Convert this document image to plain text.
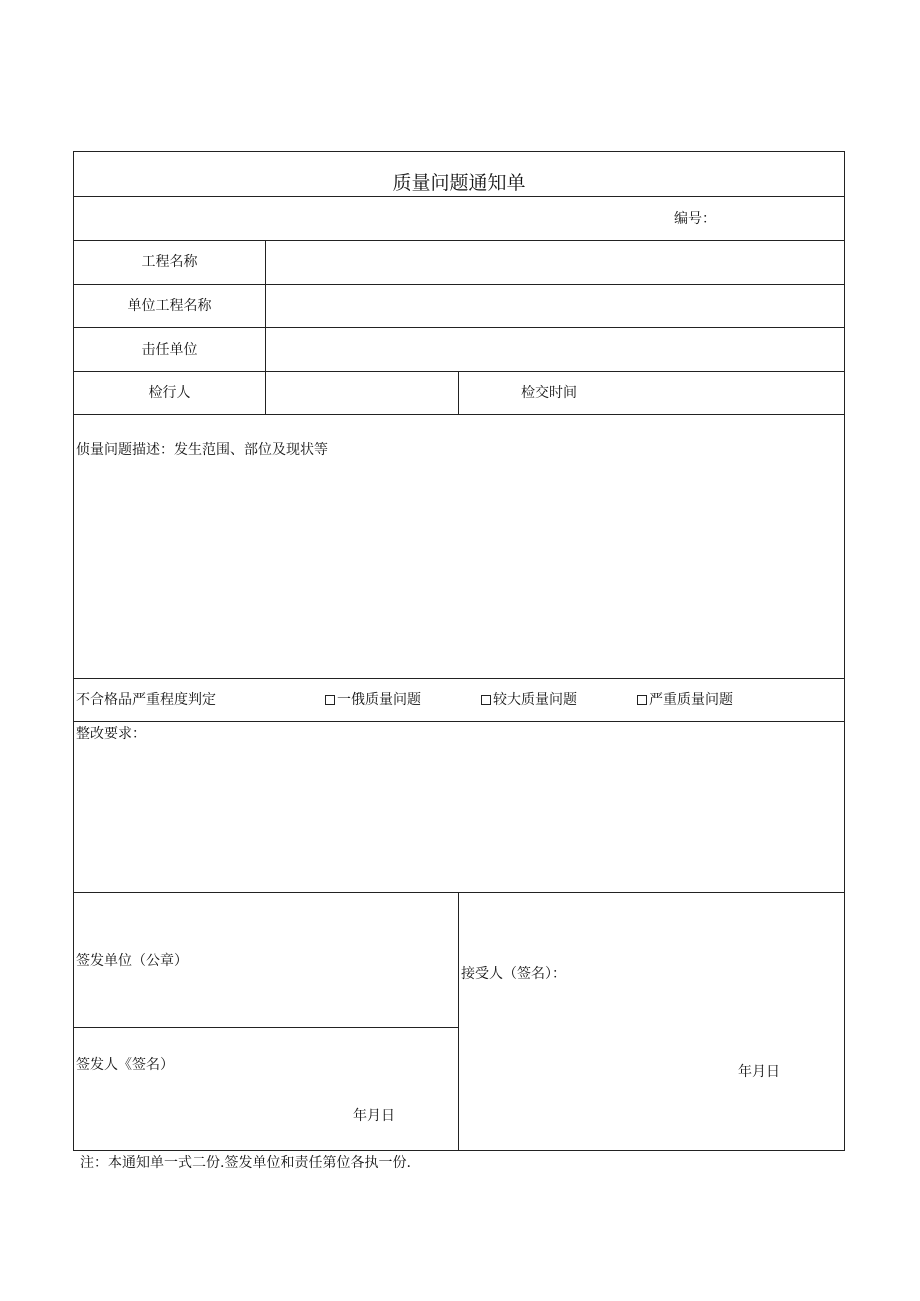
质量问题通知单
编号：
工程名称
单位工程名称
击任单位
检行人	检交时间
侦量问题描述：发生范围、部位及现状等
不合格品严重程度判定	一俄质量问题	较大质量问题	严重质量问题
整改要求：
签发单位（公章）
签发人《签名）
年月日
接受人（签名）：
年月日
注：本通知单一式二份.签发单位和责任第位各执一份.
